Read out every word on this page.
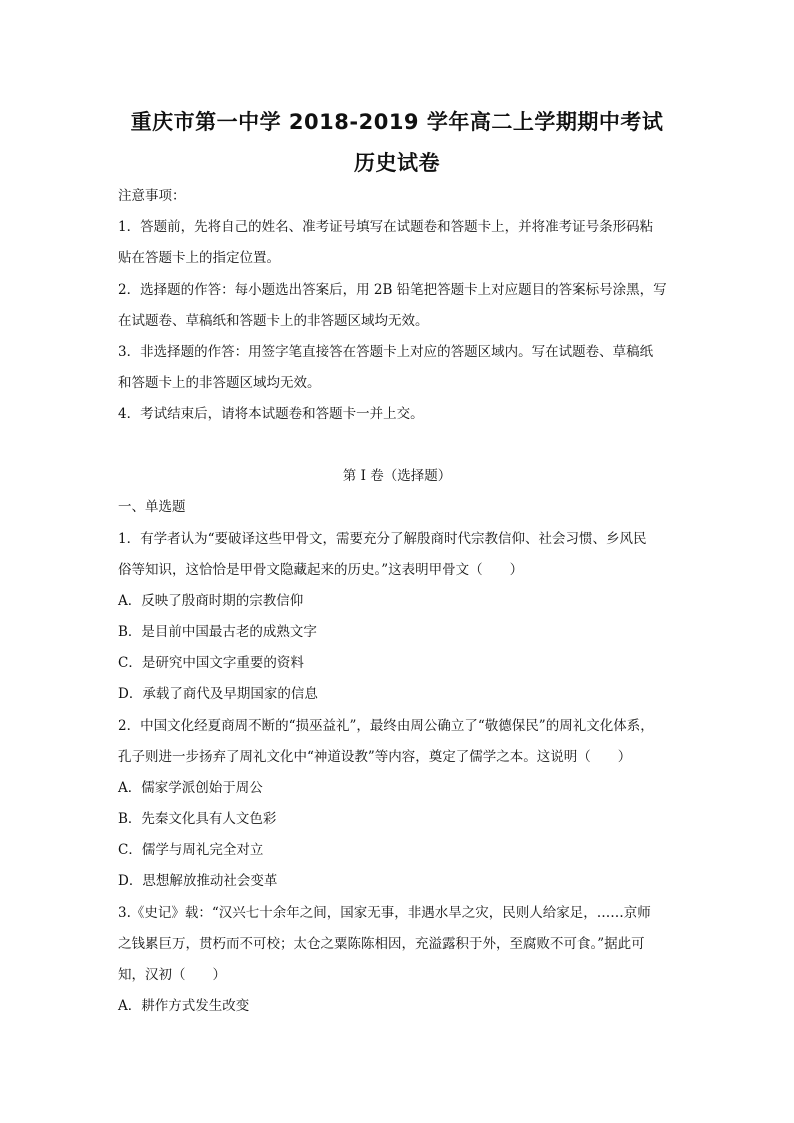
重庆市第一中学 2018-2019 学年高二上学期期中考试
历史试卷
注意事项：
1．答题前，先将自己的姓名、准考证号填写在试题卷和答题卡上，并将准考证号条形码粘
贴在答题卡上的指定位置。
2．选择题的作答：每小题选出答案后，用 2B 铅笔把答题卡上对应题目的答案标号涂黑，写
在试题卷、草稿纸和答题卡上的非答题区域均无效。
3．非选择题的作答：用签字笔直接答在答题卡上对应的答题区域内。写在试题卷、草稿纸
和答题卡上的非答题区域均无效。
4．考试结束后，请将本试题卷和答题卡一并上交。
第 I 卷（选择题）
一、单选题
1．有学者认为“要破译这些甲骨文，需要充分了解殷商时代宗教信仰、社会习惯、乡风民
俗等知识，这恰恰是甲骨文隐藏起来的历史。”这表明甲骨文（　　）
A．反映了殷商时期的宗教信仰
B．是目前中国最古老的成熟文字
C．是研究中国文字重要的资料
D．承载了商代及早期国家的信息
2．中国文化经夏商周不断的“损巫益礼”，最终由周公确立了“敬德保民”的周礼文化体系，
孔子则进一步扬弃了周礼文化中“神道设教”等内容，奠定了儒学之本。这说明（　　）
A．儒家学派创始于周公
B．先秦文化具有人文色彩
C．儒学与周礼完全对立
D．思想解放推动社会变革
3.《史记》载：“汉兴七十余年之间，国家无事，非遇水旱之灾，民则人给家足，……京师
之钱累巨万，贯朽而不可校；太仓之粟陈陈相因，充溢露积于外，至腐败不可食。”据此可
知，汉初（　　）
A．耕作方式发生改变
